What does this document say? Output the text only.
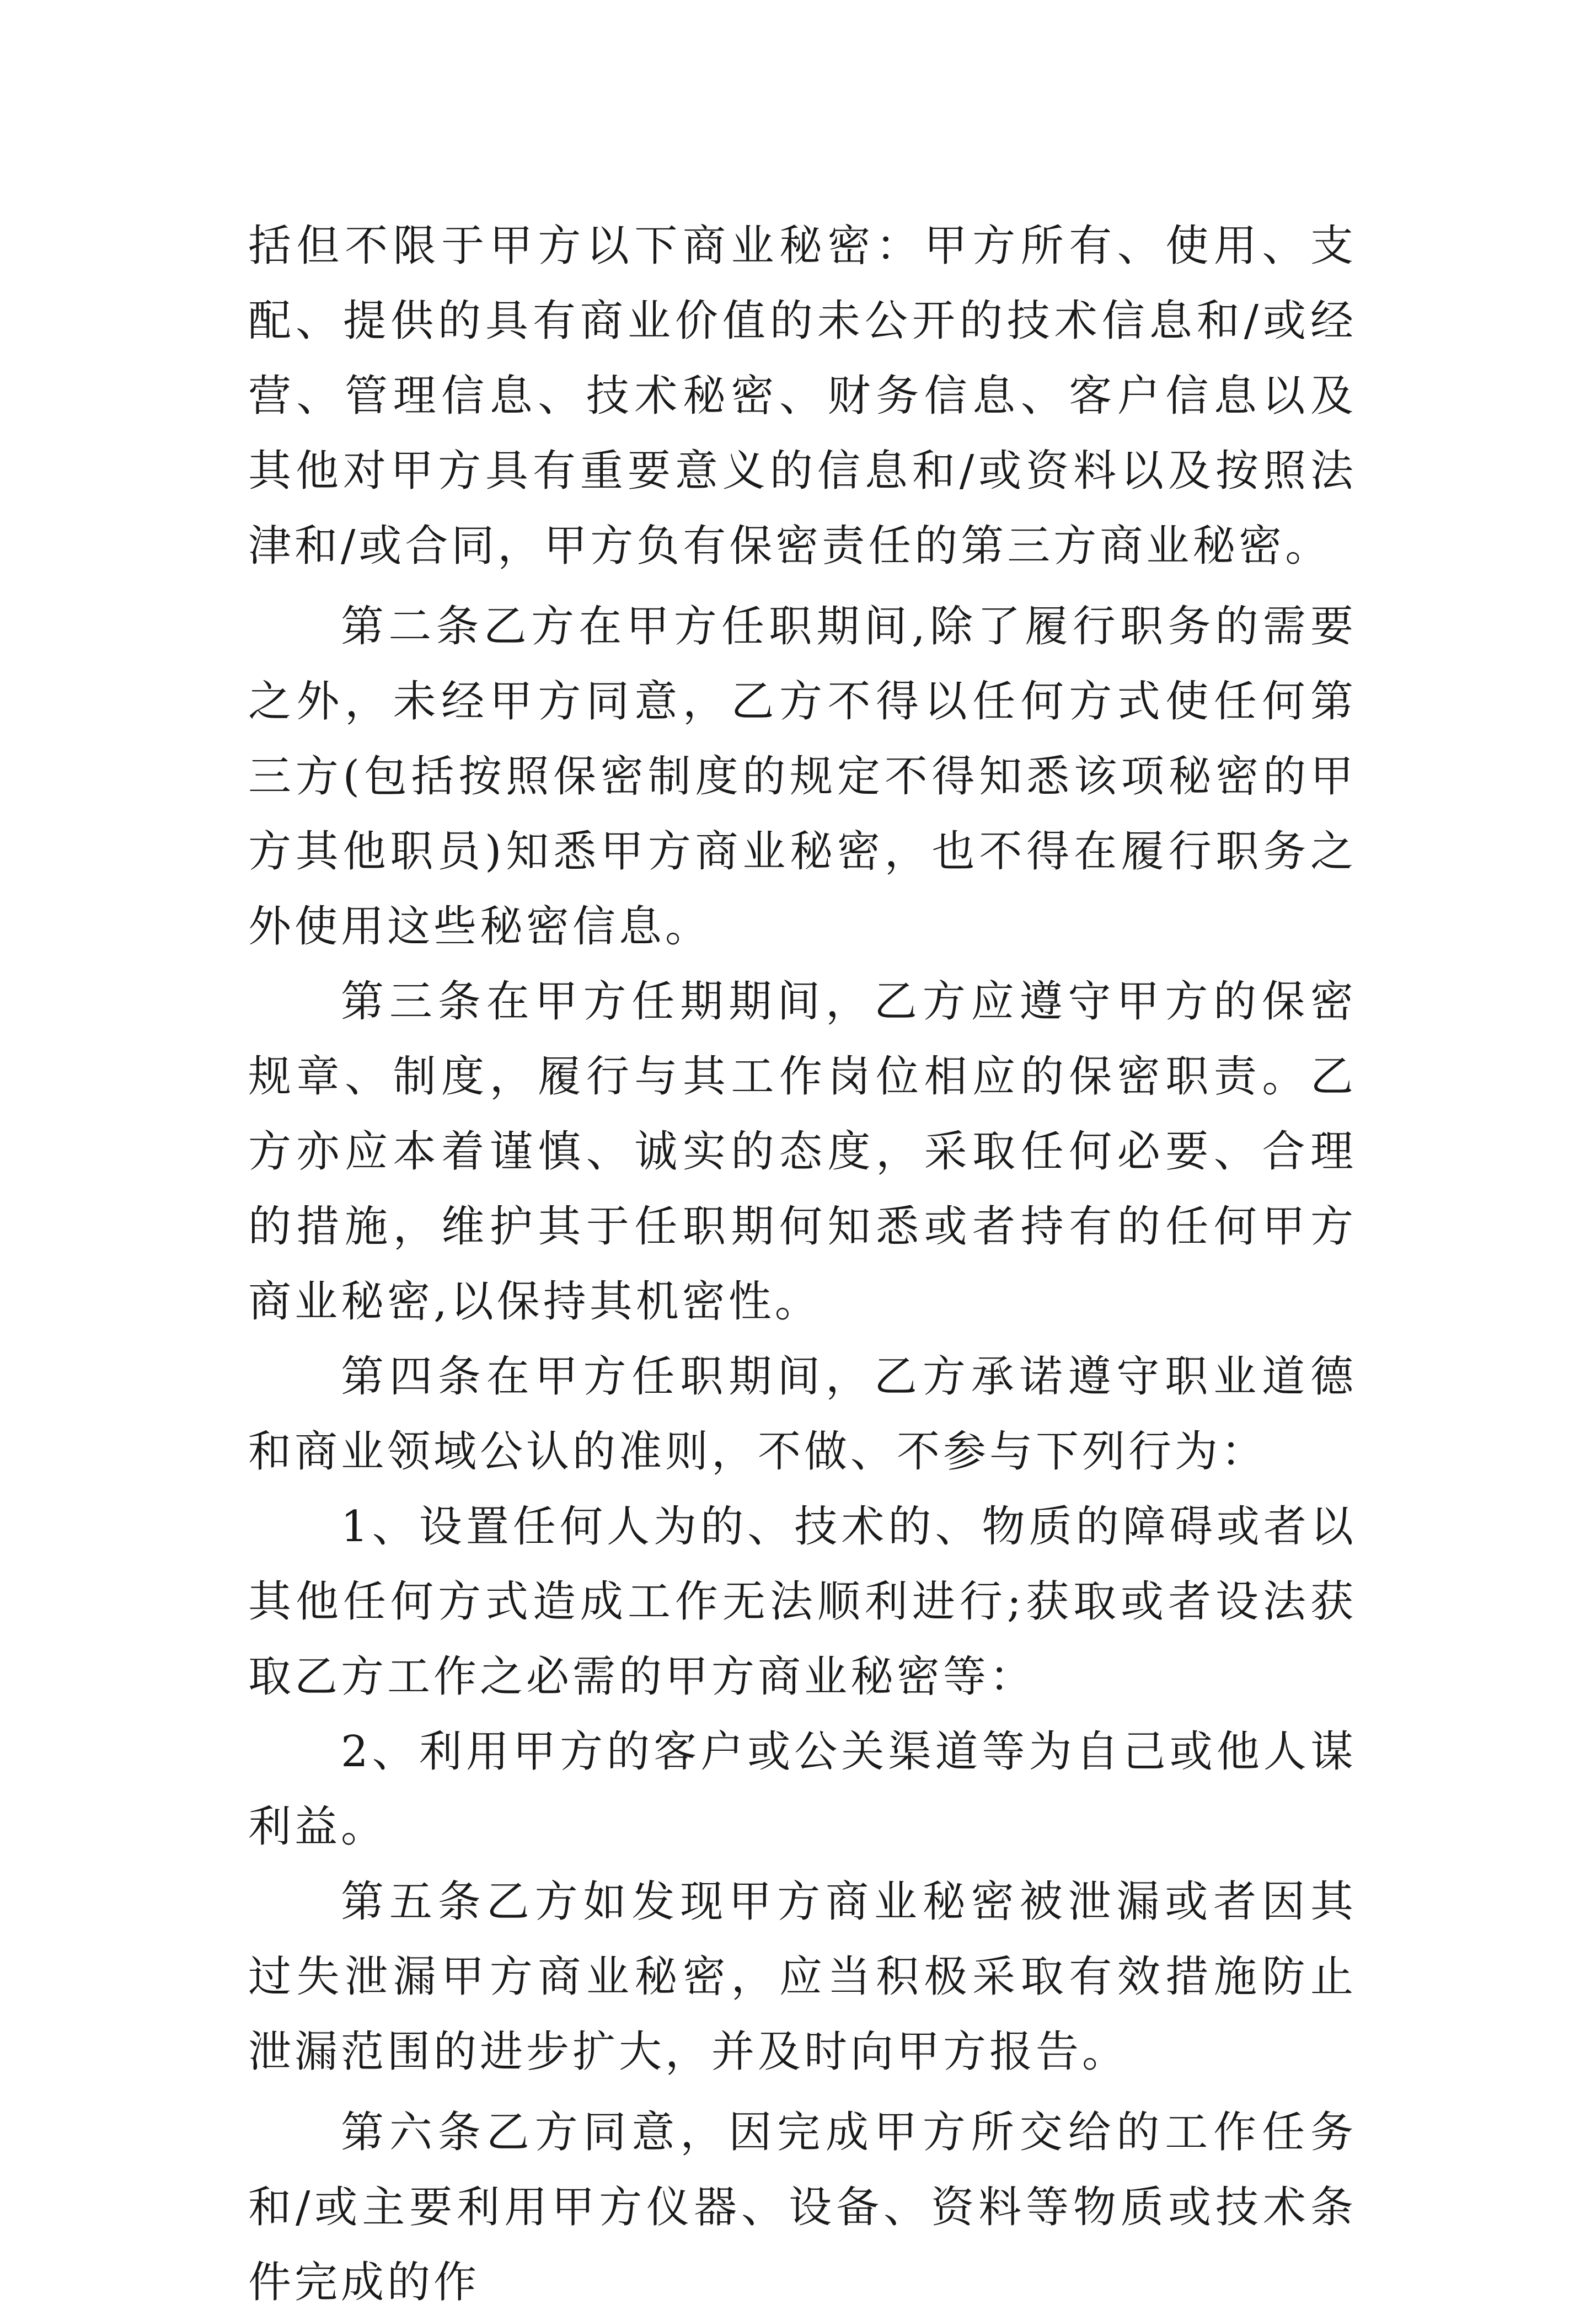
括但不限于甲方以下商业秘密：甲方所有、使用、支配、提供的具有商业价值的未公开的技术信息和/或经营、管理信息、技术秘密、财务信息、客户信息以及其他对甲方具有重要意义的信息和/或资料以及按照法津和/或合同，甲方负有保密责任的第三方商业秘密。

第二条乙方在甲方任职期间,除了履行职务的需要之外，未经甲方同意，乙方不得以任何方式使任何第三方(包括按照保密制度的规定不得知悉该项秘密的甲方其他职员)知悉甲方商业秘密，也不得在履行职务之外使用这些秘密信息。

第三条在甲方任期期间，乙方应遵守甲方的保密规章、制度，履行与其工作岗位相应的保密职责。乙方亦应本着谨慎、诚实的态度，采取任何必要、合理的措施，维护其于任职期何知悉或者持有的任何甲方商业秘密,以保持其机密性。

第四条在甲方任职期间，乙方承诺遵守职业道德和商业领域公认的准则，不做、不参与下列行为：

1、设置任何人为的、技术的、物质的障碍或者以其他任何方式造成工作无法顺利进行;获取或者设法获取乙方工作之必需的甲方商业秘密等：

2、利用甲方的客户或公关渠道等为自己或他人谋利益。

第五条乙方如发现甲方商业秘密被泄漏或者因其过失泄漏甲方商业秘密，应当积极采取有效措施防止泄漏范围的进步扩大，并及时向甲方报告。

第六条乙方同意，因完成甲方所交给的工作任务和/或主要利用甲方仪器、设备、资料等物质或技术条件完成的作
